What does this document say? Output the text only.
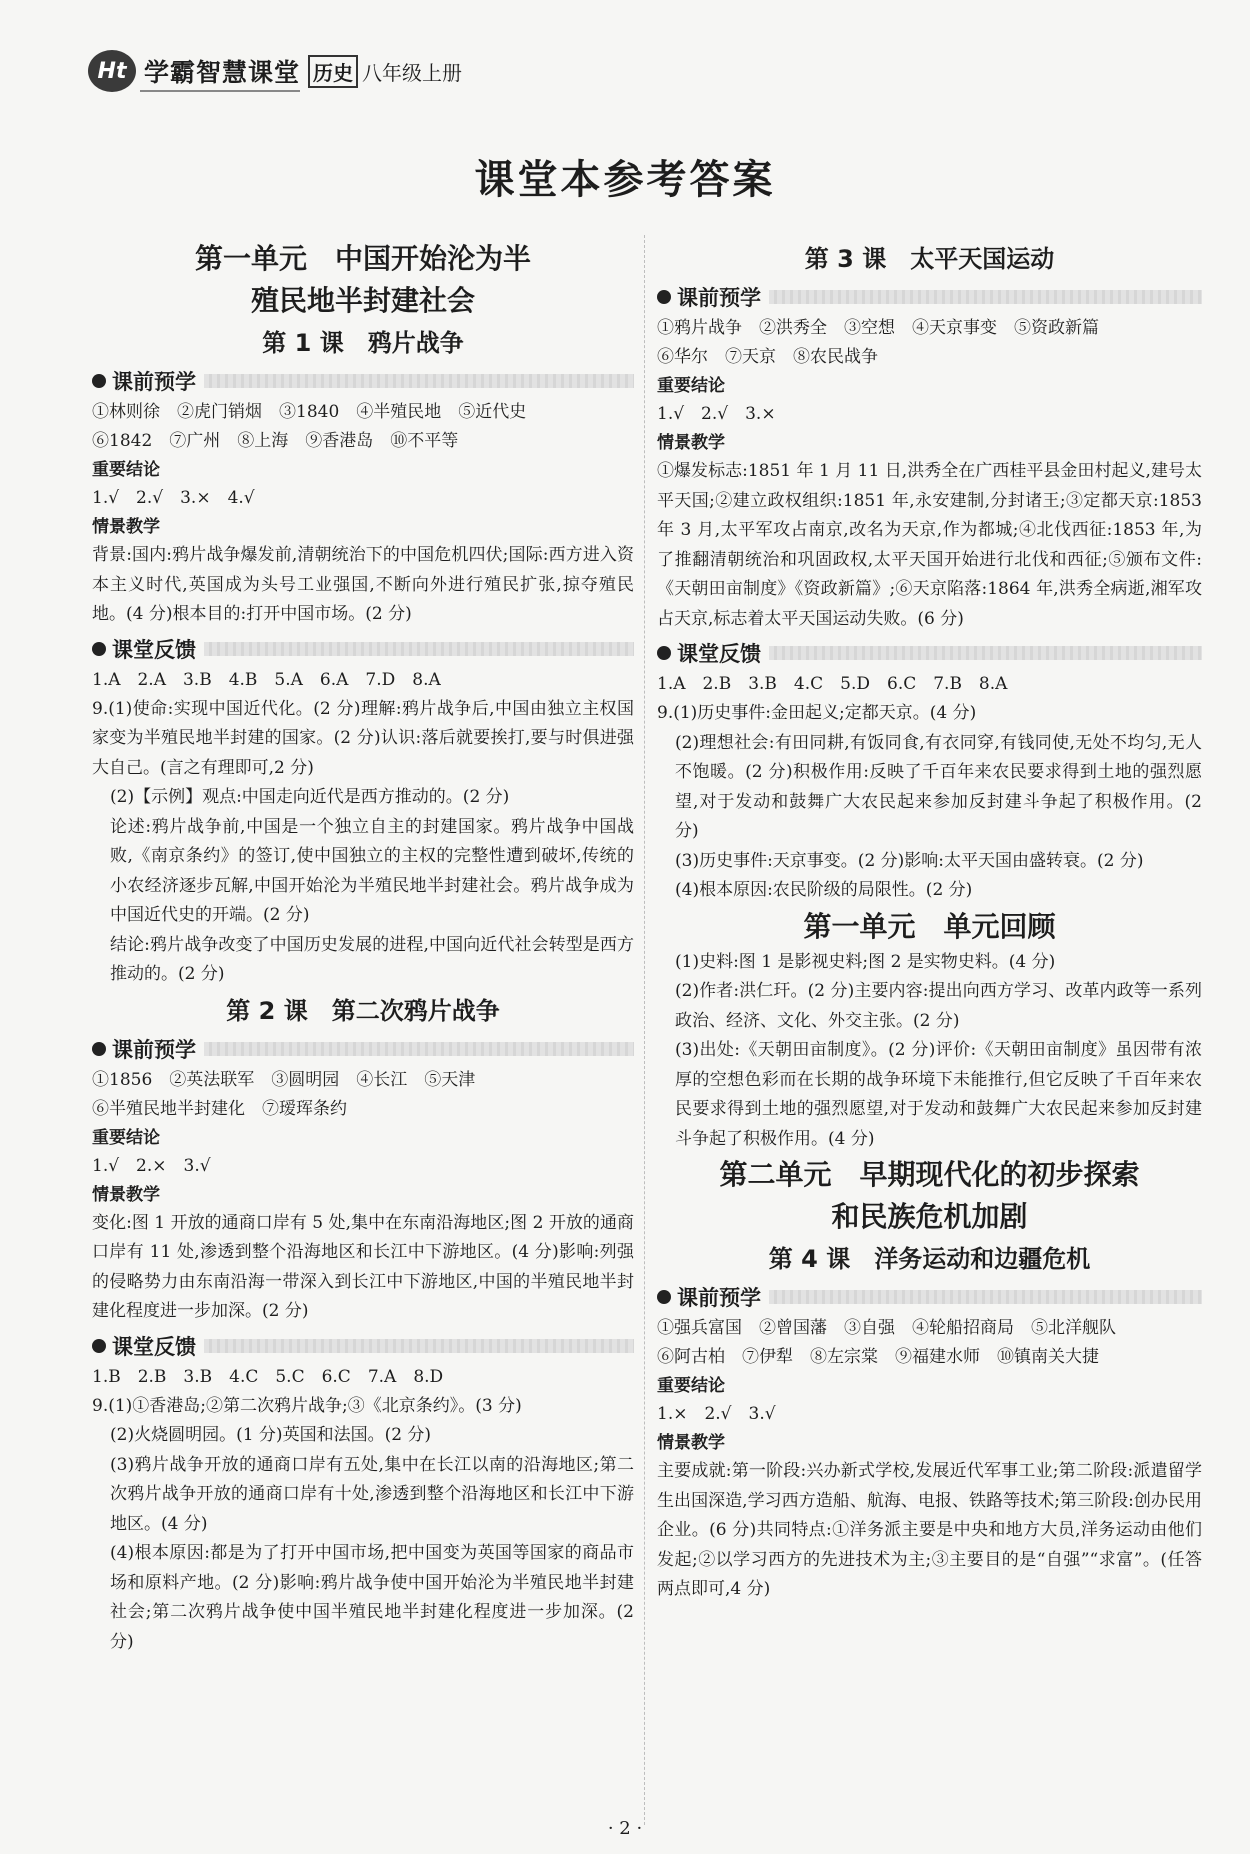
Ht 学霸智慧课堂 历史 八年级上册
课堂本参考答案

第一单元　中国开始沦为半

殖民地半封建社会

第 1 课　鸦片战争

课前预学

①林则徐　②虎门销烟　③1840　④半殖民地　⑤近代史

⑥1842　⑦广州　⑧上海　⑨香港岛　⑩不平等

重要结论

1.√　2.√　3.×　4.√

情景教学

背景:国内:鸦片战争爆发前,清朝统治下的中国危机四伏;国际:西方进入资本主义时代,英国成为头号工业强国,不断向外进行殖民扩张,掠夺殖民地。(4 分)根本目的:打开中国市场。(2 分)

课堂反馈

1.A　2.A　3.B　4.B　5.A　6.A　7.D　8.A

9.(1)使命:实现中国近代化。(2 分)理解:鸦片战争后,中国由独立主权国家变为半殖民地半封建的国家。(2 分)认识:落后就要挨打,要与时俱进强大自己。(言之有理即可,2 分)

(2)【示例】观点:中国走向近代是西方推动的。(2 分)

论述:鸦片战争前,中国是一个独立自主的封建国家。鸦片战争中国战败,《南京条约》的签订,使中国独立的主权的完整性遭到破坏,传统的小农经济逐步瓦解,中国开始沦为半殖民地半封建社会。鸦片战争成为中国近代史的开端。(2 分)

结论:鸦片战争改变了中国历史发展的进程,中国向近代社会转型是西方推动的。(2 分)

第 2 课　第二次鸦片战争

课前预学

①1856　②英法联军　③圆明园　④长江　⑤天津

⑥半殖民地半封建化　⑦瑷珲条约

重要结论

1.√　2.×　3.√

情景教学

变化:图 1 开放的通商口岸有 5 处,集中在东南沿海地区;图 2 开放的通商口岸有 11 处,渗透到整个沿海地区和长江中下游地区。(4 分)影响:列强的侵略势力由东南沿海一带深入到长江中下游地区,中国的半殖民地半封建化程度进一步加深。(2 分)

课堂反馈

1.B　2.B　3.B　4.C　5.C　6.C　7.A　8.D

9.(1)①香港岛;②第二次鸦片战争;③《北京条约》。(3 分)

(2)火烧圆明园。(1 分)英国和法国。(2 分)

(3)鸦片战争开放的通商口岸有五处,集中在长江以南的沿海地区;第二次鸦片战争开放的通商口岸有十处,渗透到整个沿海地区和长江中下游地区。(4 分)

(4)根本原因:都是为了打开中国市场,把中国变为英国等国家的商品市场和原料产地。(2 分)影响:鸦片战争使中国开始沦为半殖民地半封建社会;第二次鸦片战争使中国半殖民地半封建化程度进一步加深。(2 分)

第 3 课　太平天国运动

课前预学

①鸦片战争　②洪秀全　③空想　④天京事变　⑤资政新篇

⑥华尔　⑦天京　⑧农民战争

重要结论

1.√　2.√　3.×

情景教学

①爆发标志:1851 年 1 月 11 日,洪秀全在广西桂平县金田村起义,建号太平天国;②建立政权组织:1851 年,永安建制,分封诸王;③定都天京:1853 年 3 月,太平军攻占南京,改名为天京,作为都城;④北伐西征:1853 年,为了推翻清朝统治和巩固政权,太平天国开始进行北伐和西征;⑤颁布文件:《天朝田亩制度》《资政新篇》;⑥天京陷落:1864 年,洪秀全病逝,湘军攻占天京,标志着太平天国运动失败。(6 分)

课堂反馈

1.A　2.B　3.B　4.C　5.D　6.C　7.B　8.A

9.(1)历史事件:金田起义;定都天京。(4 分)

(2)理想社会:有田同耕,有饭同食,有衣同穿,有钱同使,无处不均匀,无人不饱暖。(2 分)积极作用:反映了千百年来农民要求得到土地的强烈愿望,对于发动和鼓舞广大农民起来参加反封建斗争起了积极作用。(2 分)

(3)历史事件:天京事变。(2 分)影响:太平天国由盛转衰。(2 分)

(4)根本原因:农民阶级的局限性。(2 分)

第一单元　单元回顾

(1)史料:图 1 是影视史料;图 2 是实物史料。(4 分)

(2)作者:洪仁玕。(2 分)主要内容:提出向西方学习、改革内政等一系列政治、经济、文化、外交主张。(2 分)

(3)出处:《天朝田亩制度》。(2 分)评价:《天朝田亩制度》虽因带有浓厚的空想色彩而在长期的战争环境下未能推行,但它反映了千百年来农民要求得到土地的强烈愿望,对于发动和鼓舞广大农民起来参加反封建斗争起了积极作用。(4 分)

第二单元　早期现代化的初步探索

和民族危机加剧

第 4 课　洋务运动和边疆危机

课前预学

①强兵富国　②曾国藩　③自强　④轮船招商局　⑤北洋舰队

⑥阿古柏　⑦伊犁　⑧左宗棠　⑨福建水师　⑩镇南关大捷

重要结论

1.×　2.√　3.√

情景教学

主要成就:第一阶段:兴办新式学校,发展近代军事工业;第二阶段:派遣留学生出国深造,学习西方造船、航海、电报、铁路等技术;第三阶段:创办民用企业。(6 分)共同特点:①洋务派主要是中央和地方大员,洋务运动由他们发起;②以学习西方的先进技术为主;③主要目的是“自强”“求富”。(任答两点即可,4 分)

· 2 ·
